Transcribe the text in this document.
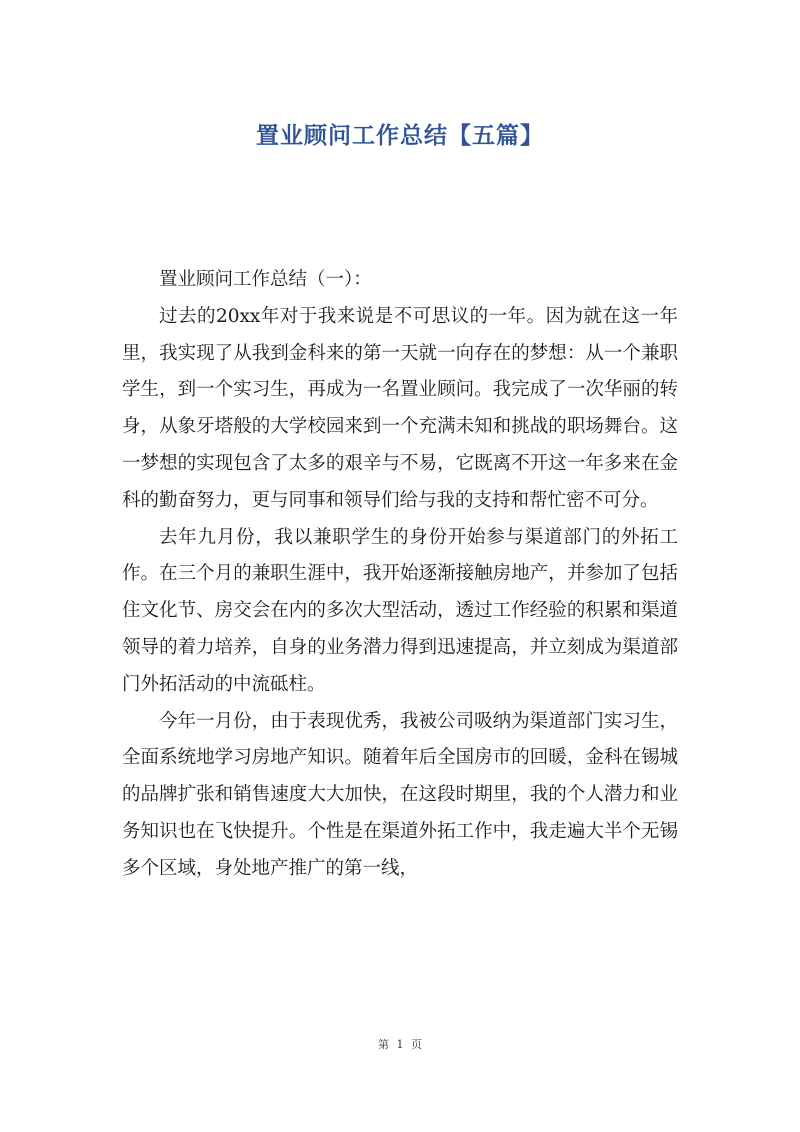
置业顾问工作总结【五篇】

置业顾问工作总结（一）：

过去的20xx年对于我来说是不可思议的一年。因为就在这一年里，我实现了从我到金科来的第一天就一向存在的梦想：从一个兼职学生，到一个实习生，再成为一名置业顾问。我完成了一次华丽的转身，从象牙塔般的大学校园来到一个充满未知和挑战的职场舞台。这一梦想的实现包含了太多的艰辛与不易，它既离不开这一年多来在金科的勤奋努力，更与同事和领导们给与我的支持和帮忙密不可分。

去年九月份，我以兼职学生的身份开始参与渠道部门的外拓工作。在三个月的兼职生涯中，我开始逐渐接触房地产，并参加了包括住文化节、房交会在内的多次大型活动，透过工作经验的积累和渠道领导的着力培养，自身的业务潜力得到迅速提高，并立刻成为渠道部门外拓活动的中流砥柱。

今年一月份，由于表现优秀，我被公司吸纳为渠道部门实习生，全面系统地学习房地产知识。随着年后全国房市的回暖，金科在锡城的品牌扩张和销售速度大大加快，在这段时期里，我的个人潜力和业务知识也在飞快提升。个性是在渠道外拓工作中，我走遍大半个无锡多个区域，身处地产推广的第一线，

第 1 页
